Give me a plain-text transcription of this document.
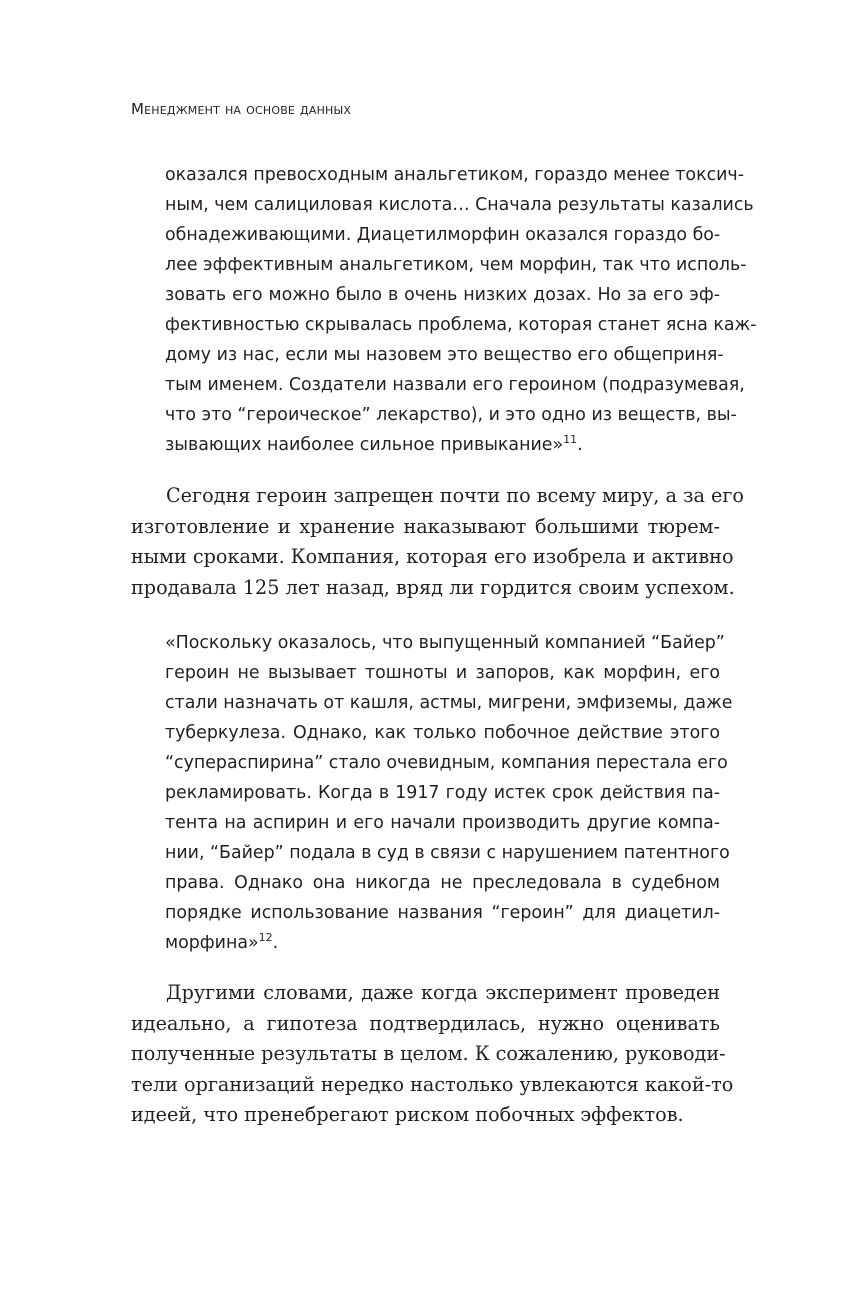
Менеджмент на основе данных
оказался превосходным анальгетиком, гораздо менее токсич-
ным, чем салициловая кислота… Сначала результаты казались
обнадеживающими. Диацетилморфин оказался гораздо бо-
лее эффективным анальгетиком, чем морфин, так что исполь-
зовать его можно было в очень низких дозах. Но за его эф-
фективностью скрывалась проблема, которая станет ясна каж-
дому из нас, если мы назовем это вещество его общеприня-
тым именем. Создатели назвали его героином (подразумевая,
что это “героическое” лекарство), и это одно из веществ, вы-
зывающих наиболее сильное привыкание»$^{11}$.
Сегодня героин запрещен почти по всему миру, а за его
изготовление и хранение наказывают большими тюрем-
ными сроками. Компания, которая его изобрела и активно
продавала 125 лет назад, вряд ли гордится своим успехом.
«Поскольку оказалось, что выпущенный компанией “Байер”
героин не вызывает тошноты и запоров, как морфин, его
стали назначать от кашля, астмы, мигрени, эмфиземы, даже
туберкулеза. Однако, как только побочное действие этого
“супераспирина” стало очевидным, компания перестала его
рекламировать. Когда в 1917 году истек срок действия па-
тента на аспирин и его начали производить другие компа-
нии, “Байер” подала в суд в связи с нарушением патентного
права. Однако она никогда не преследовала в судебном
порядке использование названия “героин” для диацетил-
морфина»$^{12}$.
Другими словами, даже когда эксперимент проведен
идеально, а гипотеза подтвердилась, нужно оценивать
полученные результаты в целом. К сожалению, руководи-
тели организаций нередко настолько увлекаются какой-то
идеей, что пренебрегают риском побочных эффектов.
